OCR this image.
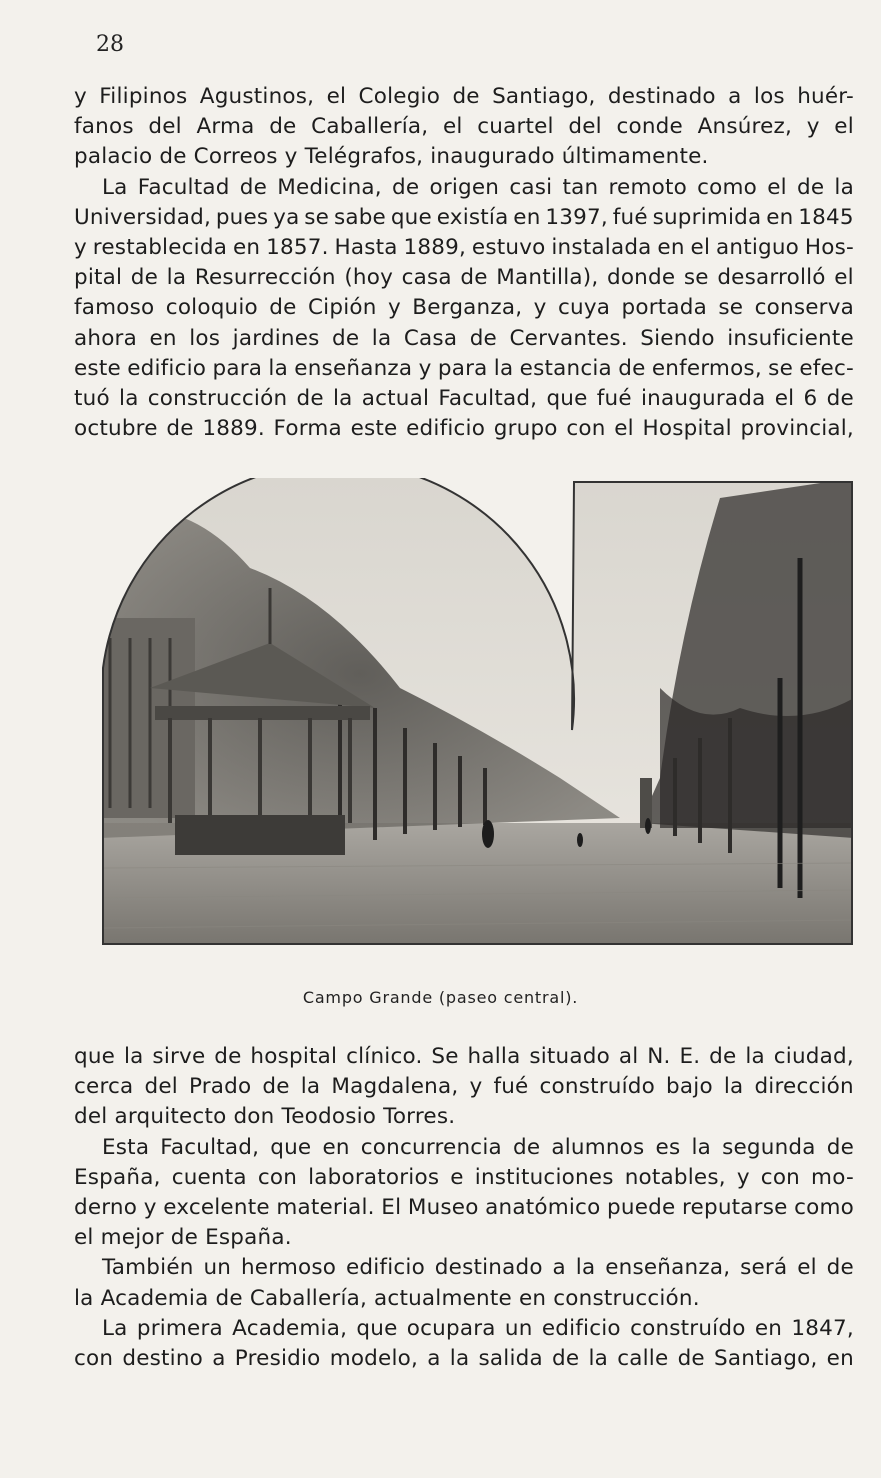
28
y Filipinos Agustinos, el Colegio de Santiago, destinado a los huér-
fanos del Arma de Caballería, el cuartel del conde Ansúrez, y el
palacio de Correos y Telégrafos, inaugurado últimamente.
La Facultad de Medicina, de origen casi tan remoto como el de la
Universidad, pues ya se sabe que existía en 1397, fué suprimida en 1845
y restablecida en 1857. Hasta 1889, estuvo instalada en el antiguo Hos-
pital de la Resurrección (hoy casa de Mantilla), donde se desarrolló el
famoso coloquio de Cipión y Berganza, y cuya portada se conserva
ahora en los jardines de la Casa de Cervantes. Siendo insuficiente
este edificio para la enseñanza y para la estancia de enfermos, se efec-
tuó la construcción de la actual Facultad, que fué inaugurada el 6 de
octubre de 1889. Forma este edificio grupo con el Hospital provincial,
Campo Grande (paseo central).
que la sirve de hospital clínico. Se halla situado al N. E. de la ciudad,
cerca del Prado de la Magdalena, y fué construído bajo la dirección
del arquitecto don Teodosio Torres.
Esta Facultad, que en concurrencia de alumnos es la segunda de
España, cuenta con laboratorios e instituciones notables, y con mo-
derno y excelente material. El Museo anatómico puede reputarse como
el mejor de España.
También un hermoso edificio destinado a la enseñanza, será el de
la Academia de Caballería, actualmente en construcción.
La primera Academia, que ocupara un edificio construído en 1847,
con destino a Presidio modelo, a la salida de la calle de Santiago, en
